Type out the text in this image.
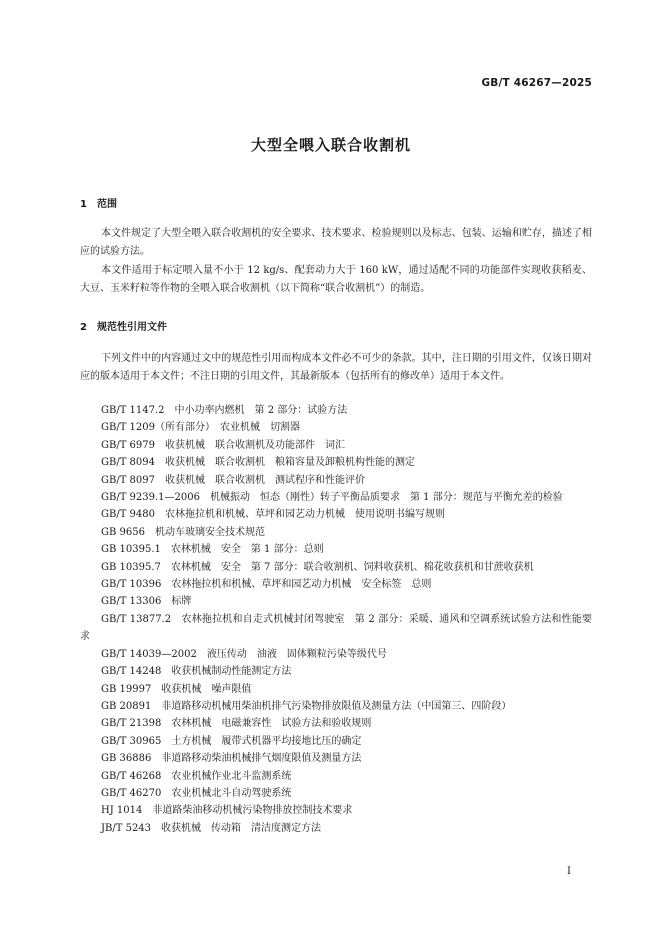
GB/T 46267—2025
大型全喂入联合收割机
1 范围
本文件规定了大型全喂入联合收割机的安全要求、技术要求、检验规则以及标志、包装、运输和贮存，描述了相应的试验方法。
本文件适用于标定喂入量不小于 12 kg/s、配套动力大于 160 kW，通过适配不同的功能部件实现收获稻麦、大豆、玉米籽粒等作物的全喂入联合收割机（以下简称“联合收割机”）的制造。
2 规范性引用文件
下列文件中的内容通过文中的规范性引用而构成本文件必不可少的条款。其中，注日期的引用文件，仅该日期对应的版本适用于本文件；不注日期的引用文件，其最新版本（包括所有的修改单）适用于本文件。
GB/T 1147.2　中小功率内燃机　第 2 部分：试验方法
GB/T 1209（所有部分）　农业机械　切割器
GB/T 6979　收获机械　联合收割机及功能部件　词汇
GB/T 8094　收获机械　联合收割机　粮箱容量及卸粮机构性能的测定
GB/T 8097　收获机械　联合收割机　测试程序和性能评价
GB/T 9239.1—2006　机械振动　恒态（刚性）转子平衡品质要求　第 1 部分：规范与平衡允差的检验
GB/T 9480　农林拖拉机和机械、草坪和园艺动力机械　使用说明书编写规则
GB 9656　机动车玻璃安全技术规范
GB 10395.1　农林机械　安全　第 1 部分：总则
GB 10395.7　农林机械　安全　第 7 部分：联合收割机、饲料收获机、棉花收获机和甘蔗收获机
GB/T 10396　农林拖拉机和机械、草坪和园艺动力机械　安全标签　总则
GB/T 13306　标牌
GB/T 13877.2　农林拖拉机和自走式机械封闭驾驶室　第 2 部分：采暖、通风和空调系统试验方法和性能要求
GB/T 14039—2002　液压传动　油液　固体颗粒污染等级代号
GB/T 14248　收获机械制动性能测定方法
GB 19997　收获机械　噪声限值
GB 20891　非道路移动机械用柴油机排气污染物排放限值及测量方法（中国第三、四阶段）
GB/T 21398　农林机械　电磁兼容性　试验方法和验收规则
GB/T 30965　土方机械　履带式机器平均接地比压的确定
GB 36886　非道路移动柴油机械排气烟度限值及测量方法
GB/T 46268　农业机械作业北斗监测系统
GB/T 46270　农业机械北斗自动驾驶系统
HJ 1014　非道路柴油移动机械污染物排放控制技术要求
JB/T 5243　收获机械　传动箱　清洁度测定方法
I
